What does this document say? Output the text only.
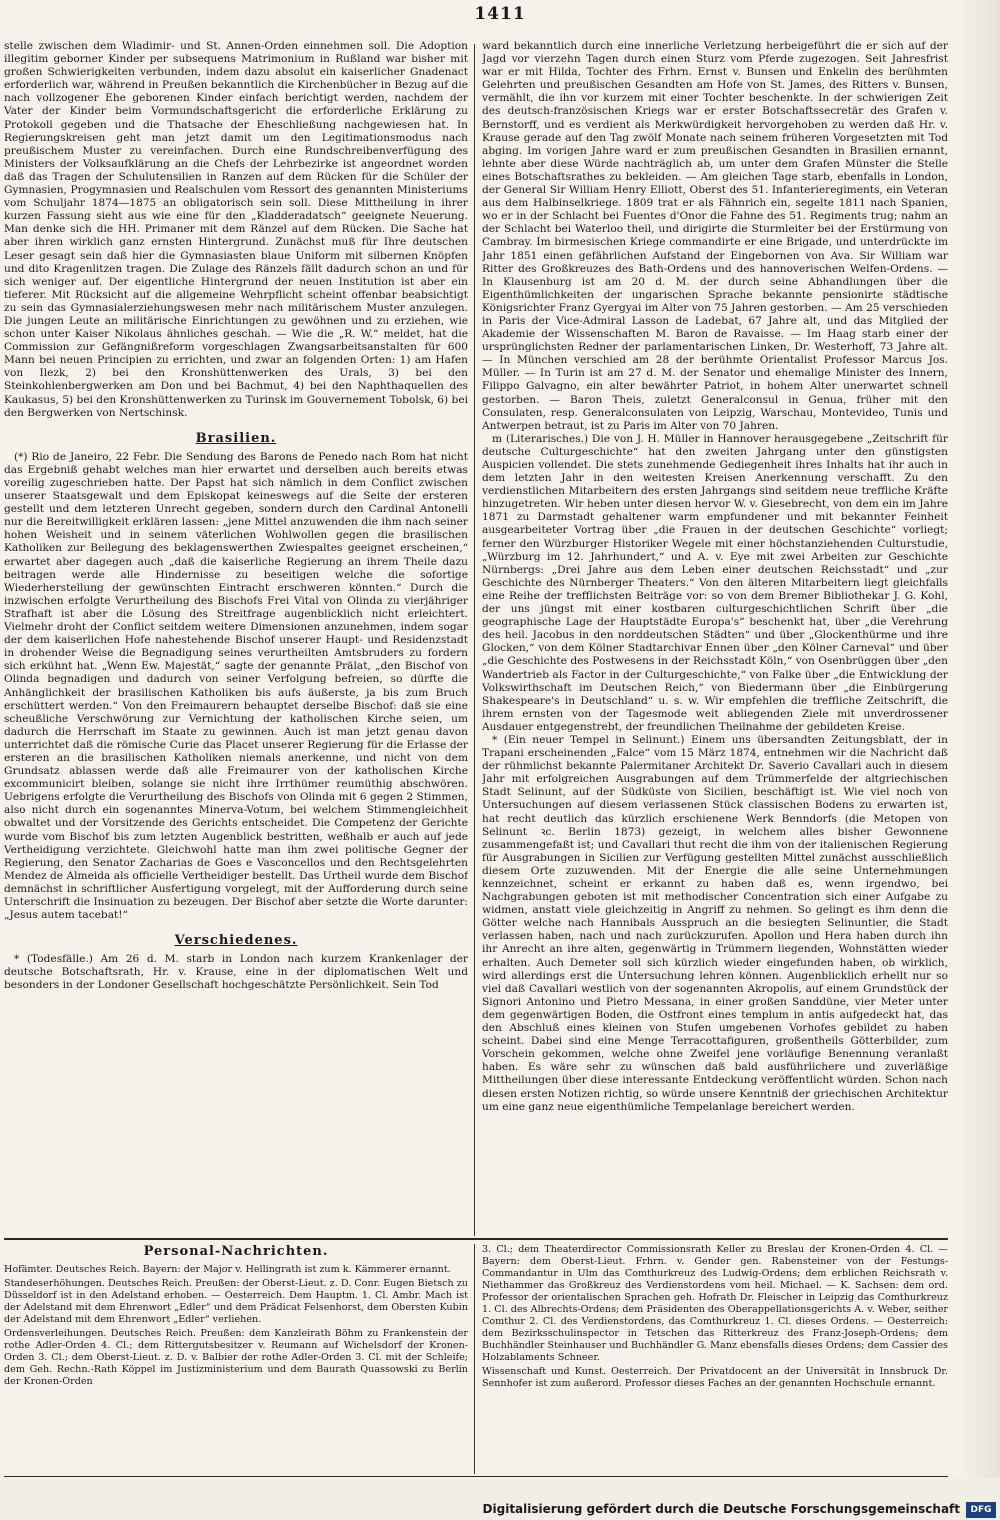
1411

stelle zwischen dem Wladimir- und St. Annen-Orden einnehmen soll. Die Adoption illegitim geborner Kinder per subsequens Matrimonium in Rußland war bisher mit großen Schwierigkeiten verbunden, indem dazu absolut ein kaiserlicher Gnadenact erforderlich war, während in Preußen bekanntlich die Kirchenbücher in Bezug auf die nach vollzogener Ehe geborenen Kinder einfach berichtigt werden, nachdem der Vater der Kinder beim Vormundschaftsgericht die erforderliche Erklärung zu Protokoll gegeben und die Thatsache der Eheschließung nachgewiesen hat. In Regierungskreisen geht man jetzt damit um den Legitimationsmodus nach preußischem Muster zu vereinfachen. Durch eine Rundschreibenverfügung des Ministers der Volksaufklärung an die Chefs der Lehrbezirke ist angeordnet worden daß das Tragen der Schulutensilien in Ranzen auf dem Rücken für die Schüler der Gymnasien, Progymnasien und Realschulen vom Ressort des genannten Ministeriums vom Schuljahr 1874—1875 an obligatorisch sein soll. Diese Mittheilung in ihrer kurzen Fassung sieht aus wie eine für den „Kladderadatsch“ geeignete Neuerung. Man denke sich die HH. Primaner mit dem Ränzel auf dem Rücken. Die Sache hat aber ihren wirklich ganz ernsten Hintergrund. Zunächst muß für Ihre deutschen Leser gesagt sein daß hier die Gymnasiasten blaue Uniform mit silbernen Knöpfen und dito Kragenlitzen tragen. Die Zulage des Ränzels fällt dadurch schon an und für sich weniger auf. Der eigentliche Hintergrund der neuen Institution ist aber ein tieferer. Mit Rücksicht auf die allgemeine Wehrpflicht scheint offenbar beabsichtigt zu sein das Gymnasialerziehungswesen mehr nach militärischem Muster anzulegen. Die jungen Leute an militärische Einrichtungen zu gewöhnen und zu erziehen, wie schon unter Kaiser Nikolaus ähnliches geschah. — Wie die „R. W.“ meldet, hat die Commission zur Gefängnißreform vorgeschlagen Zwangsarbeitsanstalten für 600 Mann bei neuen Principien zu errichten, und zwar an folgenden Orten: 1) am Hafen von Ilezk, 2) bei den Kronshüttenwerken des Urals, 3) bei den Steinkohlenbergwerken am Don und bei Bachmut, 4) bei den Naphthaquellen des Kaukasus, 5) bei den Kronshüttenwerken zu Turinsk im Gouvernement Tobolsk, 6) bei den Bergwerken von Nertschinsk.

Brasilien.

(*) Rio de Janeiro, 22 Febr. Die Sendung des Barons de Penedo nach Rom hat nicht das Ergebniß gehabt welches man hier erwartet und derselben auch bereits etwas voreilig zugeschrieben hatte. Der Papst hat sich nämlich in dem Conflict zwischen unserer Staatsgewalt und dem Episkopat keineswegs auf die Seite der ersteren gestellt und dem letzteren Unrecht gegeben, sondern durch den Cardinal Antonelli nur die Bereitwilligkeit erklären lassen: „jene Mittel anzuwenden die ihm nach seiner hohen Weisheit und in seinem väterlichen Wohlwollen gegen die brasilischen Katholiken zur Beilegung des beklagenswerthen Zwiespaltes geeignet erscheinen,“ erwartet aber dagegen auch „daß die kaiserliche Regierung an ihrem Theile dazu beitragen werde alle Hindernisse zu beseitigen welche die sofortige Wiederherstellung der gewünschten Eintracht erschweren könnten.“ Durch die inzwischen erfolgte Verurtheilung des Bischofs Frei Vital von Olinda zu vierjähriger Strafhaft ist aber die Lösung des Streitfrage augenblicklich nicht erleichtert. Vielmehr droht der Conflict seitdem weitere Dimensionen anzunehmen, indem sogar der dem kaiserlichen Hofe nahestehende Bischof unserer Haupt- und Residenzstadt in drohender Weise die Begnadigung seines verurtheilten Amtsbruders zu fordern sich erkühnt hat. „Wenn Ew. Majestät,“ sagte der genannte Prälat, „den Bischof von Olinda begnadigen und dadurch von seiner Verfolgung befreien, so dürfte die Anhänglichkeit der brasilischen Katholiken bis aufs äußerste, ja bis zum Bruch erschüttert werden.“ Von den Freimaurern behauptet derselbe Bischof: daß sie eine scheußliche Verschwörung zur Vernichtung der katholischen Kirche seien, um dadurch die Herrschaft im Staate zu gewinnen. Auch ist man jetzt genau davon unterrichtet daß die römische Curie das Placet unserer Regierung für die Erlasse der ersteren an die brasilischen Katholiken niemals anerkenne, und nicht von dem Grundsatz ablassen werde daß alle Freimaurer von der katholischen Kirche excommunicirt bleiben, solange sie nicht ihre Irrthümer reumüthig abschwören. Uebrigens erfolgte die Verurtheilung des Bischofs von Olinda mit 6 gegen 2 Stimmen, also nicht durch ein sogenanntes Minerva-Votum, bei welchem Stimmengleichheit obwaltet und der Vorsitzende des Gerichts entscheidet. Die Competenz der Gerichte wurde vom Bischof bis zum letzten Augenblick bestritten, weßhalb er auch auf jede Vertheidigung verzichtete. Gleichwohl hatte man ihm zwei politische Gegner der Regierung, den Senator Zacharias de Goes e Vasconcellos und den Rechtsgelehrten Mendez de Almeida als officielle Vertheidiger bestellt. Das Urtheil wurde dem Bischof demnächst in schriftlicher Ausfertigung vorgelegt, mit der Aufforderung durch seine Unterschrift die Insinuation zu bezeugen. Der Bischof aber setzte die Worte darunter: „Jesus autem tacebat!“

Verschiedenes.

* (Todesfälle.) Am 26 d. M. starb in London nach kurzem Krankenlager der deutsche Botschaftsrath, Hr. v. Krause, eine in der diplomatischen Welt und besonders in der Londoner Gesellschaft hochgeschätzte Persönlichkeit. Sein Tod

ward bekanntlich durch eine innerliche Verletzung herbeigeführt die er sich auf der Jagd vor vierzehn Tagen durch einen Sturz vom Pferde zugezogen. Seit Jahresfrist war er mit Hilda, Tochter des Frhrn. Ernst v. Bunsen und Enkelin des berühmten Gelehrten und preußischen Gesandten am Hofe von St. James, des Ritters v. Bunsen, vermählt, die ihn vor kurzem mit einer Tochter beschenkte. In der schwierigen Zeit des deutsch-französischen Kriegs war er erster Botschaftssecretär des Grafen v. Bernstorff, und es verdient als Merkwürdigkeit hervorgehoben zu werden daß Hr. v. Krause gerade auf den Tag zwölf Monate nach seinem früheren Vorgesetzten mit Tod abging. Im vorigen Jahre ward er zum preußischen Gesandten in Brasilien ernannt, lehnte aber diese Würde nachträglich ab, um unter dem Grafen Münster die Stelle eines Botschaftsrathes zu bekleiden. — Am gleichen Tage starb, ebenfalls in London, der General Sir William Henry Elliott, Oberst des 51. Infanterieregiments, ein Veteran aus dem Halbinselkriege. 1809 trat er als Fähnrich ein, segelte 1811 nach Spanien, wo er in der Schlacht bei Fuentes d'Onor die Fahne des 51. Regiments trug; nahm an der Schlacht bei Waterloo theil, und dirigirte die Sturmleiter bei der Erstürmung von Cambray. Im birmesischen Kriege commandirte er eine Brigade, und unterdrückte im Jahr 1851 einen gefährlichen Aufstand der Eingebornen von Ava. Sir William war Ritter des Großkreuzes des Bath-Ordens und des hannoverischen Welfen-Ordens. — In Klausenburg ist am 20 d. M. der durch seine Abhandlungen über die Eigenthümlichkeiten der ungarischen Sprache bekannte pensionirte städtische Königsrichter Franz Gyergyai im Alter von 75 Jahren gestorben. — Am 25 verschieden in Paris der Vice-Admiral Lasson de Ladebat, 67 Jahre alt, und das Mitglied der Akademie der Wissenschaften M. Baron de Ravaisse. — Im Haag starb einer der ursprünglichsten Redner der parlamentarischen Linken, Dr. Westerhoff, 73 Jahre alt. — In München verschied am 28 der berühmte Orientalist Professor Marcus Jos. Müller. — In Turin ist am 27 d. M. der Senator und ehemalige Minister des Innern, Filippo Galvagno, ein alter bewährter Patriot, in hohem Alter unerwartet schnell gestorben. — Baron Theis, zuletzt Generalconsul in Genua, früher mit den Consulaten, resp. Generalconsulaten von Leipzig, Warschau, Montevideo, Tunis und Antwerpen betraut, ist zu Paris im Alter von 70 Jahren.

m (Literarisches.) Die von J. H. Müller in Hannover herausgegebene „Zeitschrift für deutsche Culturgeschichte“ hat den zweiten Jahrgang unter den günstigsten Auspicien vollendet. Die stets zunehmende Gediegenheit ihres Inhalts hat ihr auch in dem letzten Jahr in den weitesten Kreisen Anerkennung verschafft. Zu den verdienstlichen Mitarbeitern des ersten Jahrgangs sind seitdem neue treffliche Kräfte hinzugetreten. Wir heben unter diesen hervor W. v. Giesebrecht, von dem ein im Jahre 1871 zu Darmstadt gehaltener warm empfundener und mit bekannter Feinheit ausgearbeiteter Vortrag über „die Frauen in der deutschen Geschichte“ vorliegt; ferner den Würzburger Historiker Wegele mit einer höchstanziehenden Culturstudie, „Würzburg im 12. Jahrhundert,“ und A. v. Eye mit zwei Arbeiten zur Geschichte Nürnbergs: „Drei Jahre aus dem Leben einer deutschen Reichsstadt“ und „zur Geschichte des Nürnberger Theaters.“ Von den älteren Mitarbeitern liegt gleichfalls eine Reihe der trefflichsten Beiträge vor: so von dem Bremer Bibliothekar J. G. Kohl, der uns jüngst mit einer kostbaren culturgeschichtlichen Schrift über „die geographische Lage der Hauptstädte Europa's“ beschenkt hat, über „die Verehrung des heil. Jacobus in den norddeutschen Städten“ und über „Glockenthürme und ihre Glocken,“ von dem Kölner Stadtarchivar Ennen über „den Kölner Carneval“ und über „die Geschichte des Postwesens in der Reichsstadt Köln,“ von Osenbrüggen über „den Wandertrieb als Factor in der Culturgeschichte,“ von Falke über „die Entwicklung der Volkswirthschaft im Deutschen Reich,“ von Biedermann über „die Einbürgerung Shakespeare's in Deutschland“ u. s. w. Wir empfehlen die treffliche Zeitschrift, die ihrem ernsten von der Tagesmode weit abliegenden Ziele mit unverdrossener Ausdauer entgegenstrebt, der freundlichen Theilnahme der gebildeten Kreise.

* (Ein neuer Tempel in Selinunt.) Einem uns übersandten Zeitungsblatt, der in Trapani erscheinenden „Falce“ vom 15 März 1874, entnehmen wir die Nachricht daß der rühmlichst bekannte Palermitaner Architekt Dr. Saverio Cavallari auch in diesem Jahr mit erfolgreichen Ausgrabungen auf dem Trümmerfelde der altgriechischen Stadt Selinunt, auf der Südküste von Sicilien, beschäftigt ist. Wie viel noch von Untersuchungen auf diesem verlassenen Stück classischen Bodens zu erwarten ist, hat recht deutlich das kürzlich erschienene Werk Benndorfs (die Metopen von Selinunt ꝛc. Berlin 1873) gezeigt, in welchem alles bisher Gewonnene zusammengefaßt ist; und Cavallari thut recht die ihm von der italienischen Regierung für Ausgrabungen in Sicilien zur Verfügung gestellten Mittel zunächst ausschließlich diesem Orte zuzuwenden. Mit der Energie die alle seine Unternehmungen kennzeichnet, scheint er erkannt zu haben daß es, wenn irgendwo, bei Nachgrabungen geboten ist mit methodischer Concentration sich einer Aufgabe zu widmen, anstatt viele gleichzeitig in Angriff zu nehmen. So gelingt es ihm denn die Götter welche nach Hannibals Ausspruch an die besiegten Selinuntier, die Stadt verlassen haben, nach und nach zurückzurufen. Apollon und Hera haben durch ihn ihr Anrecht an ihre alten, gegenwärtig in Trümmern liegenden, Wohnstätten wieder erhalten. Auch Demeter soll sich kürzlich wieder eingefunden haben, ob wirklich, wird allerdings erst die Untersuchung lehren können. Augenblicklich erhellt nur so viel daß Cavallari westlich von der sogenannten Akropolis, auf einem Grundstück der Signori Antonino und Pietro Messana, in einer großen Sanddüne, vier Meter unter dem gegenwärtigen Boden, die Ostfront eines templum in antis aufgedeckt hat, das den Abschluß eines kleinen von Stufen umgebenen Vorhofes gebildet zu haben scheint. Dabei sind eine Menge Terracottafiguren, großentheils Götterbilder, zum Vorschein gekommen, welche ohne Zweifel jene vorläufige Benennung veranlaßt haben. Es wäre sehr zu wünschen daß bald ausführlichere und zuverläßige Mittheilungen über diese interessante Entdeckung veröffentlicht würden. Schon nach diesen ersten Notizen richtig, so würde unsere Kenntniß der griechischen Architektur um eine ganz neue eigenthümliche Tempelanlage bereichert werden.

Personal-Nachrichten.

Hofämter. Deutsches Reich. Bayern: der Major v. Hellingrath ist zum k. Kämmerer ernannt.

Standeserhöhungen. Deutsches Reich. Preußen: der Oberst-Lieut. z. D. Conr. Eugen Bietsch zu Düsseldorf ist in den Adelstand erhoben. — Oesterreich. Dem Hauptm. 1. Cl. Ambr. Mach ist der Adelstand mit dem Ehrenwort „Edler“ und dem Prädicat Felsenhorst, dem Obersten Kubin der Adelstand mit dem Ehrenwort „Edler“ verliehen.

Ordensverleihungen. Deutsches Reich. Preußen: dem Kanzleirath Böhm zu Frankenstein der rothe Adler-Orden 4. Cl.; dem Rittergutsbesitzer v. Reumann auf Wichelsdorf der Kronen-Orden 3. Cl.; dem Oberst-Lieut. z. D. v. Balbier der rothe Adler-Orden 3. Cl. mit der Schleife; dem Geh. Rechn.-Rath Köppel im Justizministerium und dem Baurath Quassowski zu Berlin der Kronen-Orden

3. Cl.; dem Theaterdirector Commissionsrath Keller zu Breslau der Kronen-Orden 4. Cl. — Bayern: dem Oberst-Lieut. Frhrn. v. Gender gen. Rabensteiner von der Festungs-Commandantur in Ulm das Comthurkreuz des Ludwig-Ordens; dem erblichen Reichsrath v. Niethammer das Großkreuz des Verdienstordens vom heil. Michael. — K. Sachsen: dem ord. Professor der orientalischen Sprachen geh. Hofrath Dr. Fleischer in Leipzig das Comthurkreuz 1. Cl. des Albrechts-Ordens; dem Präsidenten des Oberappellationsgerichts A. v. Weber, seither Comthur 2. Cl. des Verdienstordens, das Comthurkreuz 1. Cl. dieses Ordens. — Oesterreich: dem Bezirksschulinspector in Tetschen das Ritterkreuz des Franz-Joseph-Ordens; dem Buchhändler Steinhauser und Buchhändler G. Manz ebensfalls dieses Ordens; dem Cassier des Holzablaments Schneer.

Wissenschaft und Kunst. Oesterreich. Der Privatdocent an der Universität in Innsbruck Dr. Sennhofer ist zum außerord. Professor dieses Faches an der genannten Hochschule ernannt.

Digitalisierung gefördert durch die Deutsche Forschungsgemeinschaft	DFG
